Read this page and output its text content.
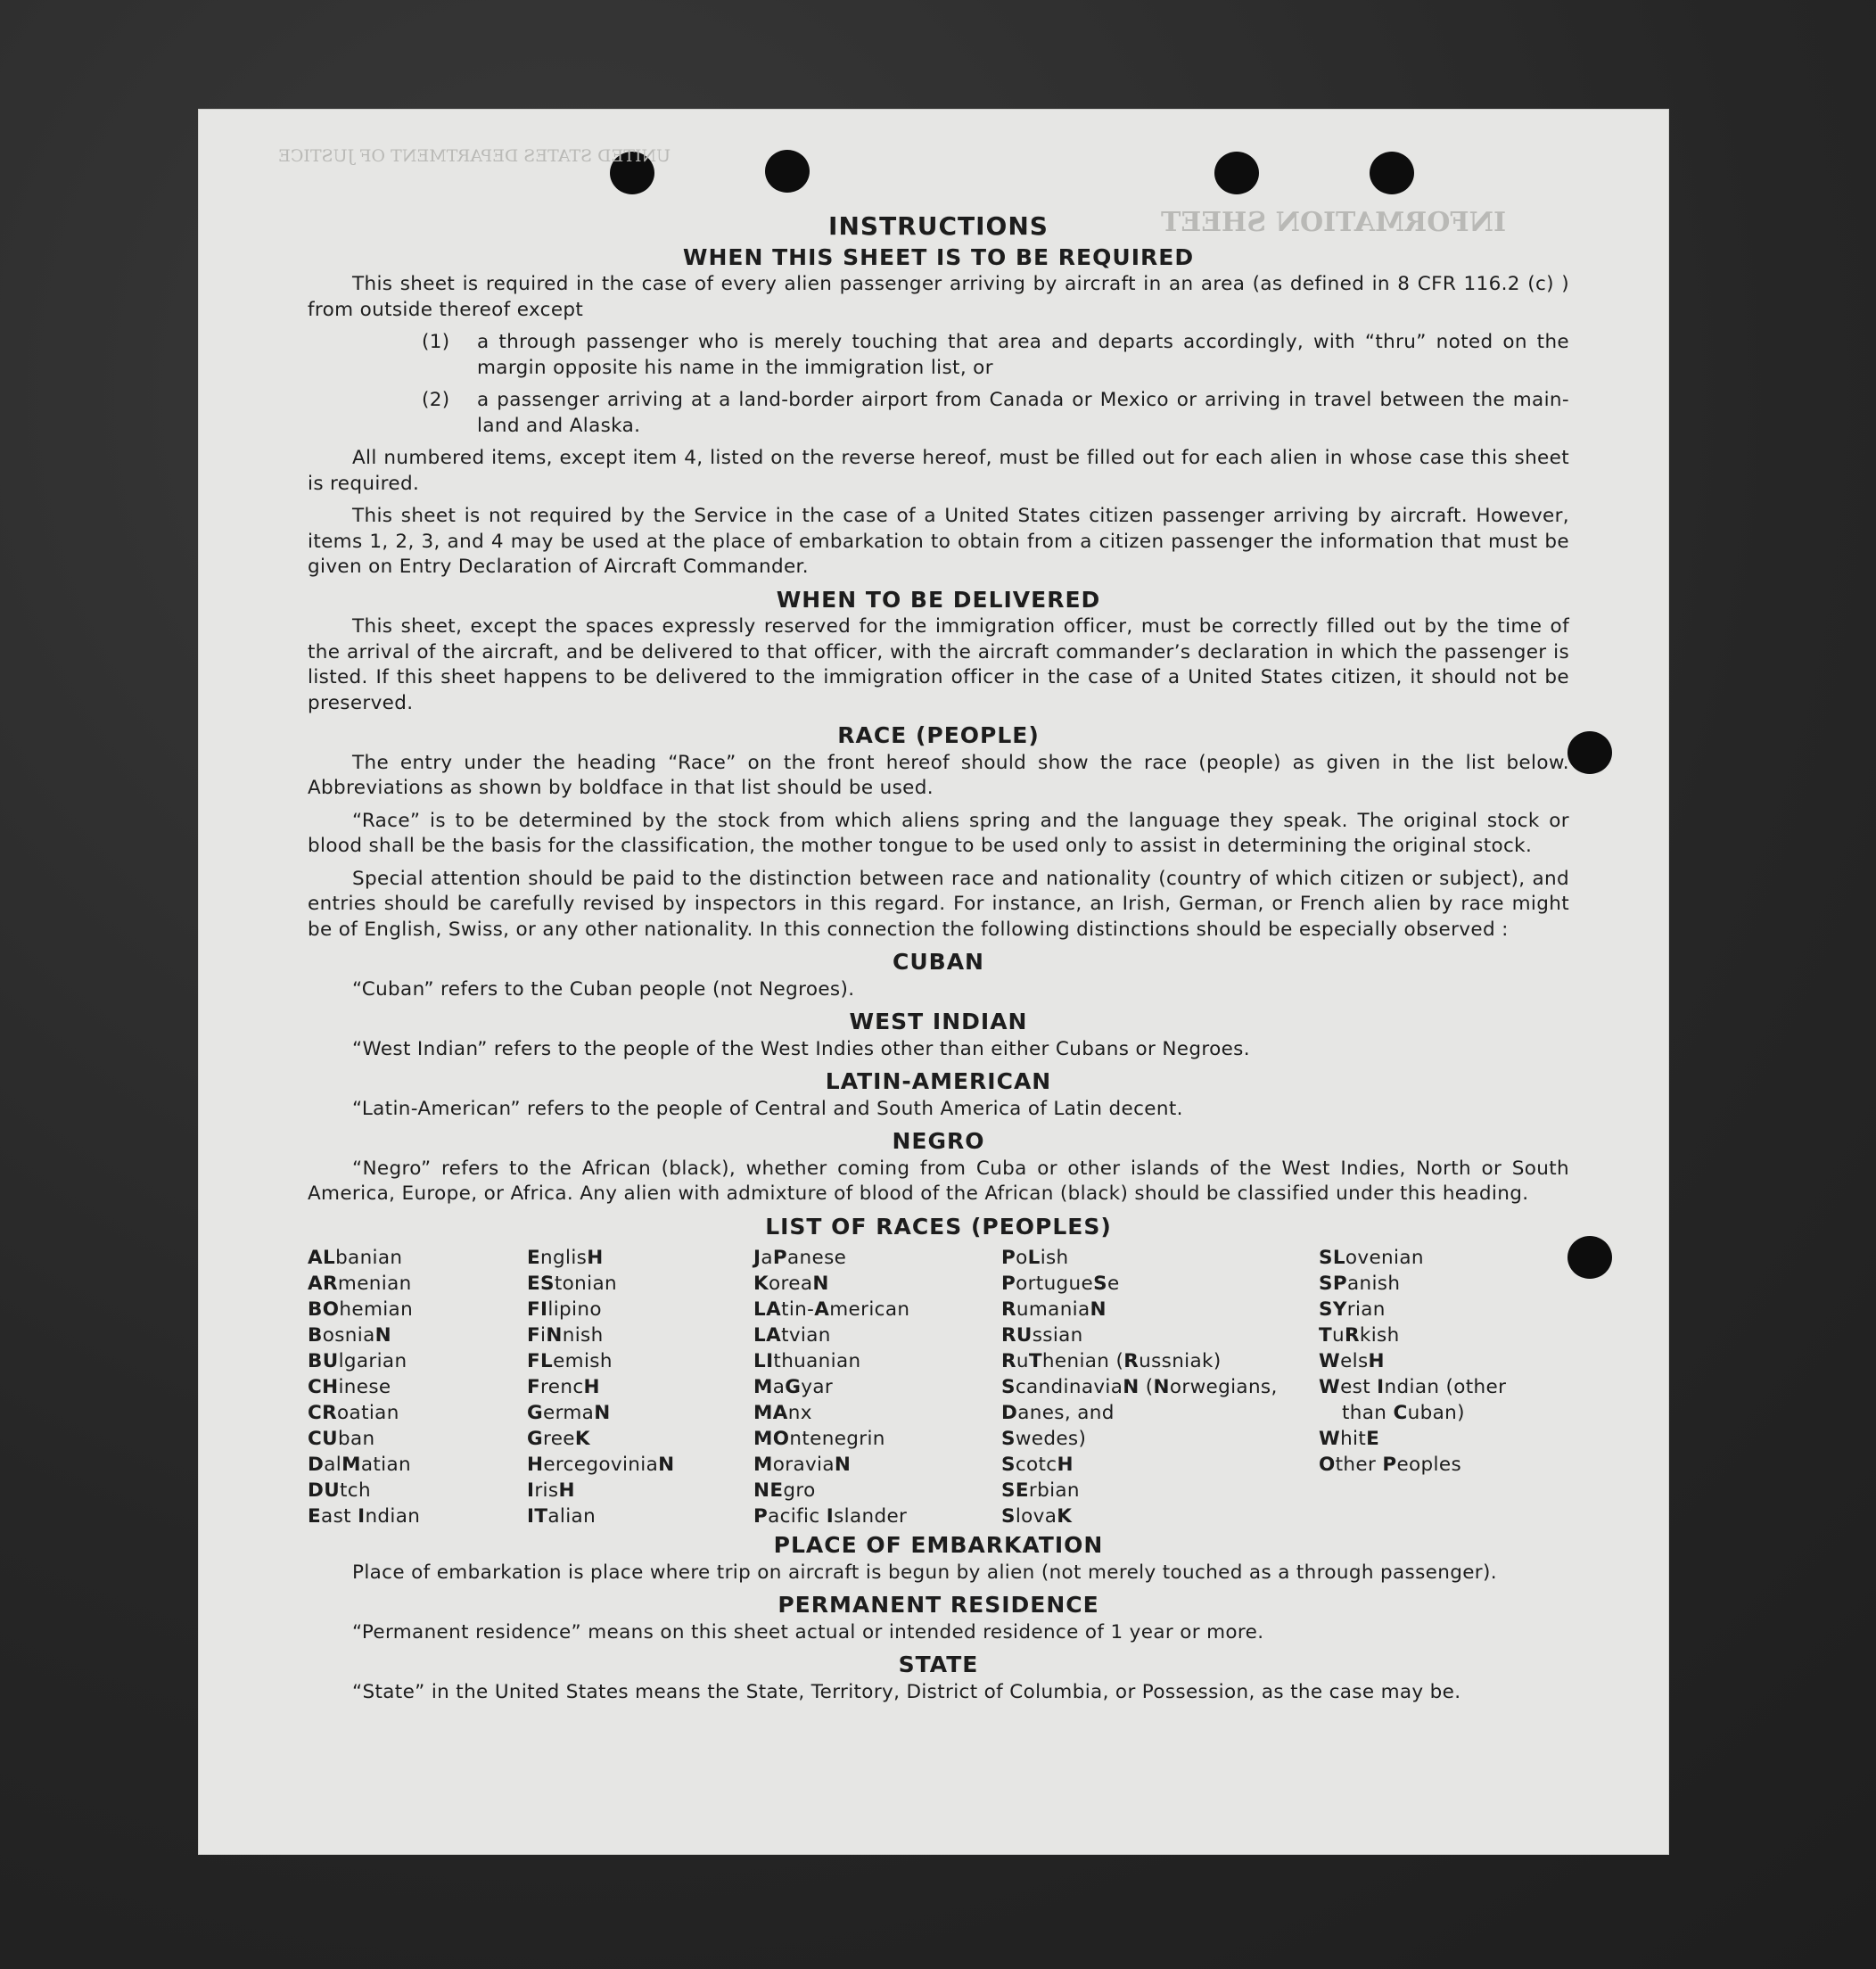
UNITED STATES DEPARTMENT OF JUSTICE
INFORMATION SHEET
INSTRUCTIONS
WHEN THIS SHEET IS TO BE REQUIRED
This sheet is required in the case of every alien passenger arriving by aircraft in an area (as defined in 8 CFR 116.2 (c) ) from outside thereof except
(1) a through passenger who is merely touching that area and departs accordingly, with “thru” noted on the margin opposite his name in the immigration list, or
(2) a passenger arriving at a land-border airport from Canada or Mexico or arriving in travel between the main-land and Alaska.
All numbered items, except item 4, listed on the reverse hereof, must be filled out for each alien in whose case this sheet is required.
This sheet is not required by the Service in the case of a United States citizen passenger arriving by aircraft. However, items 1, 2, 3, and 4 may be used at the place of embarkation to obtain from a citizen passenger the information that must be given on Entry Declaration of Aircraft Commander.
WHEN TO BE DELIVERED
This sheet, except the spaces expressly reserved for the immigration officer, must be correctly filled out by the time of the arrival of the aircraft, and be delivered to that officer, with the aircraft commander’s declaration in which the passenger is listed. If this sheet happens to be delivered to the immigration officer in the case of a United States citizen, it should not be preserved.
RACE (PEOPLE)
The entry under the heading “Race” on the front hereof should show the race (people) as given in the list below. Abbreviations as shown by boldface in that list should be used.
“Race” is to be determined by the stock from which aliens spring and the language they speak. The original stock or blood shall be the basis for the classification, the mother tongue to be used only to assist in determining the original stock.
Special attention should be paid to the distinction between race and nationality (country of which citizen or subject), and entries should be carefully revised by inspectors in this regard. For instance, an Irish, German, or French alien by race might be of English, Swiss, or any other nationality. In this connection the following distinctions should be especially observed :
CUBAN
“Cuban” refers to the Cuban people (not Negroes).
WEST INDIAN
“West Indian” refers to the people of the West Indies other than either Cubans or Negroes.
LATIN-AMERICAN
“Latin-American” refers to the people of Central and South America of Latin decent.
NEGRO
“Negro” refers to the African (black), whether coming from Cuba or other islands of the West Indies, North or South America, Europe, or Africa. Any alien with admixture of blood of the African (black) should be classified under this heading.
LIST OF RACES (PEOPLES)
ALbanian
ARmenian
BOhemian
BosniaN
BUlgarian
CHinese
CRoatian
CUban
DalMatian
DUtch
East Indian
EnglisH
EStonian
FIlipino
FiNnish
FLemish
FrencH
GermaN
GreeK
HercegoviniaN
IrisH
ITalian
JaPanese
KoreaN
LAtin-American
LAtvian
LIthuanian
MaGyar
MAnx
MOntenegrin
MoraviaN
NEgro
Pacific Islander
PoLish
PortugueSe
RumaniaN
RUssian
RuThenian (Russniak)
ScandinaviaN (Norwegians,
Danes, and
Swedes)
ScotcH
SErbian
SlovaK
SLovenian
SPanish
SYrian
TuRkish
WelsH
West Indian (other
than Cuban)
WhitE
Other Peoples
PLACE OF EMBARKATION
Place of embarkation is place where trip on aircraft is begun by alien (not merely touched as a through passenger).
PERMANENT RESIDENCE
“Permanent residence” means on this sheet actual or intended residence of 1 year or more.
STATE
“State” in the United States means the State, Territory, District of Columbia, or Possession, as the case may be.
